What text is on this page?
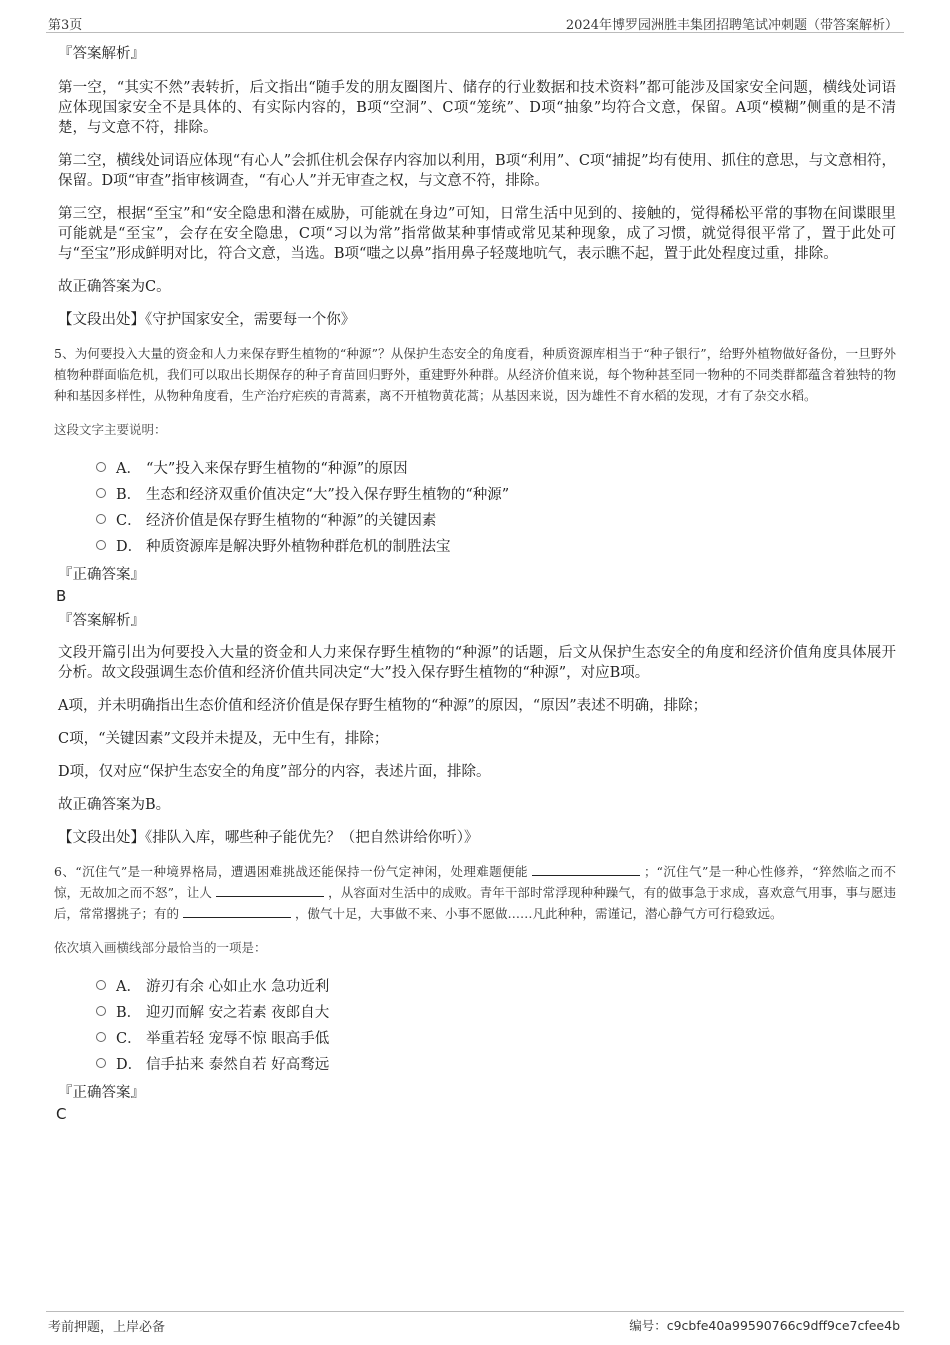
第3页	2024年博罗园洲胜丰集团招聘笔试冲刺题（带答案解析）
『答案解析』

第一空，“其实不然”表转折，后文指出“随手发的朋友圈图片、储存的行业数据和技术资料”都可能涉及国家安全问题，横线处词语应体现国家安全不是具体的、有实际内容的，B项“空洞”、C项“笼统”、D项“抽象”均符合文意，保留。A项“模糊”侧重的是不清楚，与文意不符，排除。

第二空，横线处词语应体现“有心人”会抓住机会保存内容加以利用，B项“利用”、C项“捕捉”均有使用、抓住的意思，与文意相符，保留。D项“审查”指审核调查，“有心人”并无审查之权，与文意不符，排除。

第三空，根据“至宝”和“安全隐患和潜在威胁，可能就在身边”可知，日常生活中见到的、接触的，觉得稀松平常的事物在间谍眼里可能就是“至宝”，会存在安全隐患，C项“习以为常”指常做某种事情或常见某种现象，成了习惯，就觉得很平常了，置于此处可与“至宝”形成鲜明对比，符合文意，当选。B项“嗤之以鼻”指用鼻子轻蔑地吭气，表示瞧不起，置于此处程度过重，排除。

故正确答案为C。

【文段出处】《守护国家安全，需要每一个你》

5、为何要投入大量的资金和人力来保存野生植物的“种源”？从保护生态安全的角度看，种质资源库相当于“种子银行”，给野外植物做好备份，一旦野外植物种群面临危机，我们可以取出长期保存的种子育苗回归野外，重建野外种群。从经济价值来说，每个物种甚至同一物种的不同类群都蕴含着独特的物种和基因多样性，从物种角度看，生产治疗疟疾的青蒿素，离不开植物黄花蒿；从基因来说，因为雄性不育水稻的发现，才有了杂交水稻。

这段文字主要说明：
A． “大”投入来保存野生植物的“种源”的原因
B． 生态和经济双重价值决定“大”投入保存野生植物的“种源”
C． 经济价值是保存野生植物的“种源”的关键因素
D． 种质资源库是解决野外植物种群危机的制胜法宝
『正确答案』
B
『答案解析』

文段开篇引出为何要投入大量的资金和人力来保存野生植物的“种源”的话题，后文从保护生态安全的角度和经济价值角度具体展开分析。故文段强调生态价值和经济价值共同决定“大”投入保存野生植物的“种源”，对应B项。

A项，并未明确指出生态价值和经济价值是保存野生植物的“种源”的原因，“原因”表述不明确，排除；

C项，“关键因素”文段并未提及，无中生有，排除；

D项，仅对应“保护生态安全的角度”部分的内容，表述片面，排除。

故正确答案为B。

【文段出处】《排队入库，哪些种子能优先？（把自然讲给你听）》

6、“沉住气”是一种境界格局，遭遇困难挑战还能保持一份气定神闲，处理难题便能	；“沉住气”是一种心性修养，“猝然临之而不惊，无故加之而不怒”，让人	，从容面对生活中的成败。青年干部时常浮现种种躁气，有的做事急于求成，喜欢意气用事，事与愿违后，常常撂挑子；有的	，傲气十足，大事做不来、小事不愿做……凡此种种，需谨记，潜心静气方可行稳致远。

依次填入画横线部分最恰当的一项是：
A． 游刃有余 心如止水 急功近利
B． 迎刃而解 安之若素 夜郎自大
C． 举重若轻 宠辱不惊 眼高手低
D． 信手拈来 泰然自若 好高骛远
『正确答案』
C
考前押题，上岸必备	编号：c9cbfe40a99590766c9dff9ce7cfee4b
